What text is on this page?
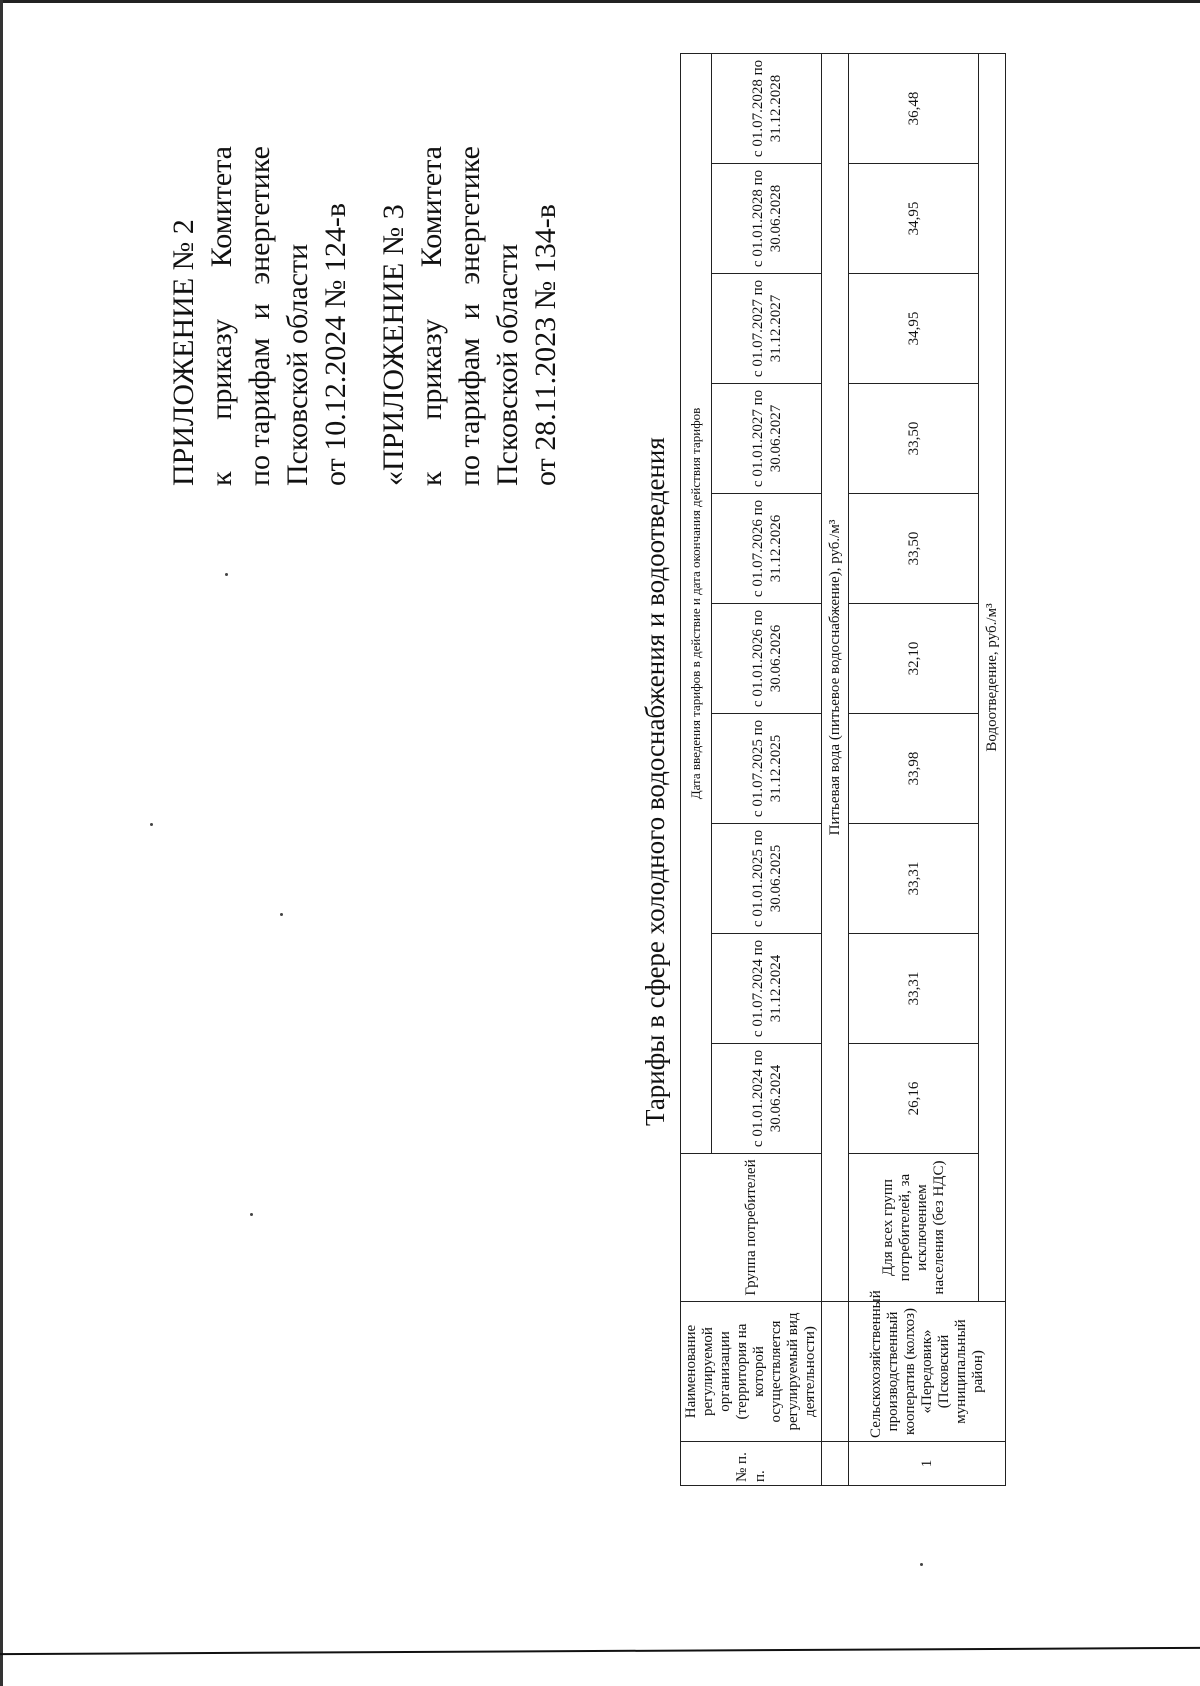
ПРИЛОЖЕНИЕ № 2 к
приказу
Комитета
по тарифам
и
энергетике
Псковской области от 10.12.2024 № 124-в «ПРИЛОЖЕНИЕ № 3 к
приказу
Комитета
по тарифам
и
энергетике
Псковской области от 28.11.2023 № 134-в
Тарифы в сфере холодного водоснабжения и водоотведения
№ п. п.	Наименование регулируемой организации (территория на которой осуществляется регулируемый вид деятельности)	Группа потребителей	Дата введения тарифов в действие и дата окончания действия тарифов									
			с 01.01.2024 по 30.06.2024	с 01.07.2024 по 31.12.2024	с 01.01.2025 по 30.06.2025	с 01.07.2025 по 31.12.2025	с 01.01.2026 по 30.06.2026	с 01.07.2026 по 31.12.2026	с 01.01.2027 по 30.06.2027	с 01.07.2027 по 31.12.2027	с 01.01.2028 по 30.06.2028	с 01.07.2028 по 31.12.2028
		Питьевая вода (питьевое водоснабжение), руб./м³										
1	Сельскохозяйственный производственный кооператив (колхоз) «Передовик» (Псковский муниципальный район)	Для всех групп потребителей, за исключением населения (без НДС)	26,16	33,31	33,31	33,98	32,10	33,50	33,50	34,95	34,95	36,48
		Водоотведение, руб./м³										
